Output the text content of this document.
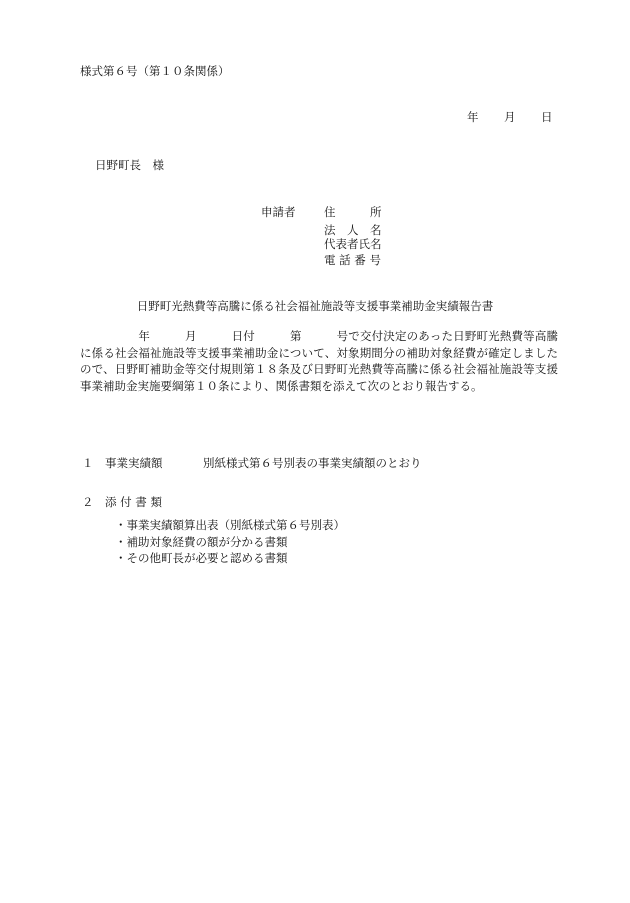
様式第６号（第１０条関係）
年 月 日
日野町長　様
申請者 住　　　所
法　人　名
代表者氏名
電 話 番 号
日野町光熱費等高騰に係る社会福祉施設等支援事業補助金実績報告書
　　　　　年　　　月　　　日付　　　第　　　号で交付決定のあった日野町光熱費等高騰に係る社会福祉施設等支援事業補助金について、対象期間分の補助対象経費が確定しましたので、日野町補助金等交付規則第１８条及び日野町光熱費等高騰に係る社会福祉施設等支援事業補助金実施要綱第１０条により、関係書類を添えて次のとおり報告する。
１ 事業実績額	別紙様式第６号別表の事業実績額のとおり
２ 添 付 書 類
・事業実績額算出表（別紙様式第６号別表）
・補助対象経費の額が分かる書類
・その他町長が必要と認める書類
